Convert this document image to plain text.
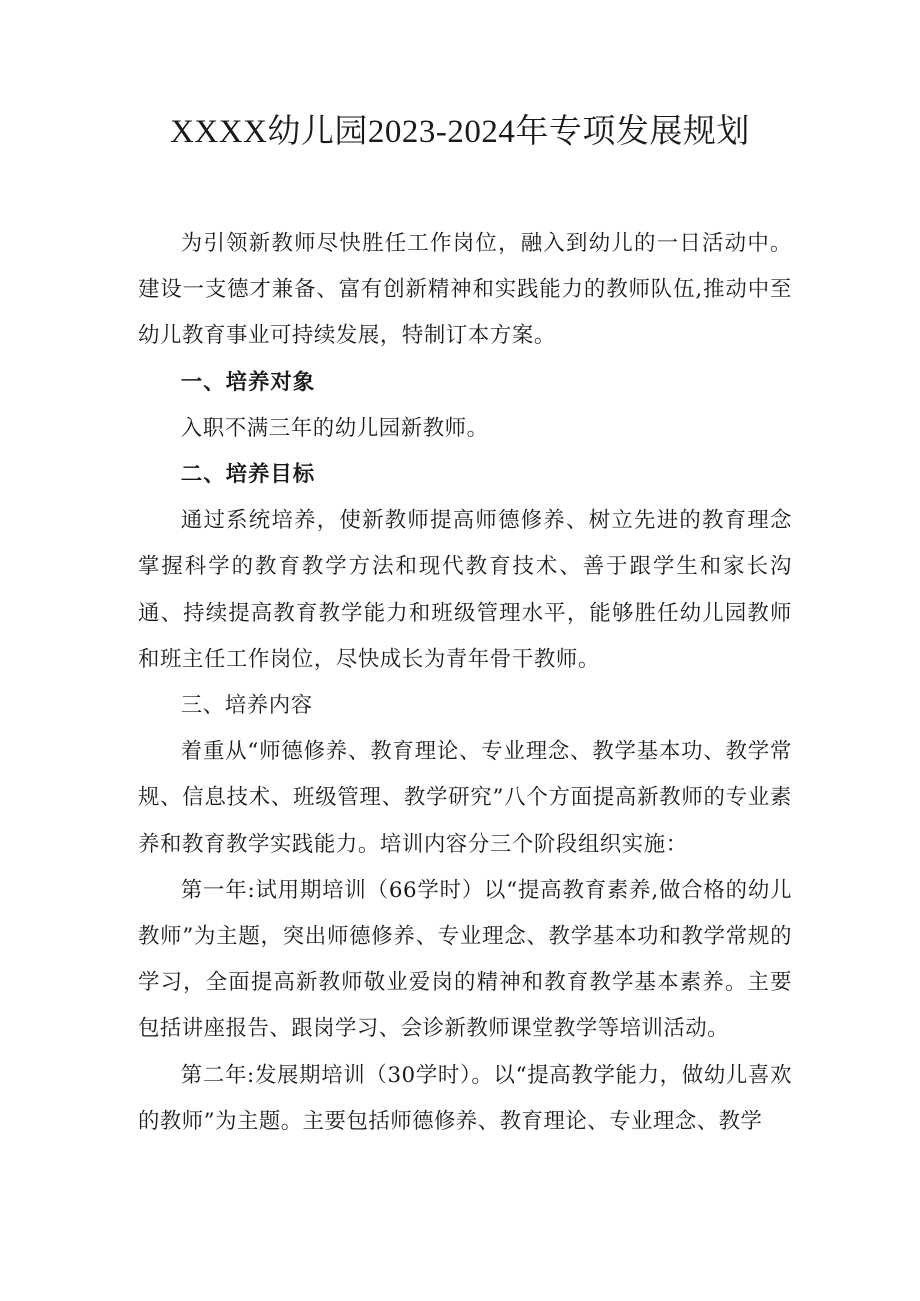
XXXX幼儿园2023-2024年专项发展规划

为引领新教师尽快胜任工作岗位，融入到幼儿的一日活动中。建设一支德才兼备、富有创新精神和实践能力的教师队伍,推动中至幼儿教育事业可持续发展，特制订本方案。

一、培养对象

入职不满三年的幼儿园新教师。

二、培养目标

通过系统培养，使新教师提高师德修养、树立先进的教育理念掌握科学的教育教学方法和现代教育技术、善于跟学生和家长沟通、持续提高教育教学能力和班级管理水平，能够胜任幼儿园教师和班主任工作岗位，尽快成长为青年骨干教师。

三、培养内容

着重从“师德修养、教育理论、专业理念、教学基本功、教学常规、信息技术、班级管理、教学研究”八个方面提高新教师的专业素养和教育教学实践能力。培训内容分三个阶段组织实施：

第一年:试用期培训（66学时）以“提高教育素养,做合格的幼儿教师”为主题，突出师德修养、专业理念、教学基本功和教学常规的学习，全面提高新教师敬业爱岗的精神和教育教学基本素养。主要包括讲座报告、跟岗学习、会诊新教师课堂教学等培训活动。

第二年:发展期培训（30学时）。以“提高教学能力，做幼儿喜欢的教师”为主题。主要包括师德修养、教育理论、专业理念、教学
